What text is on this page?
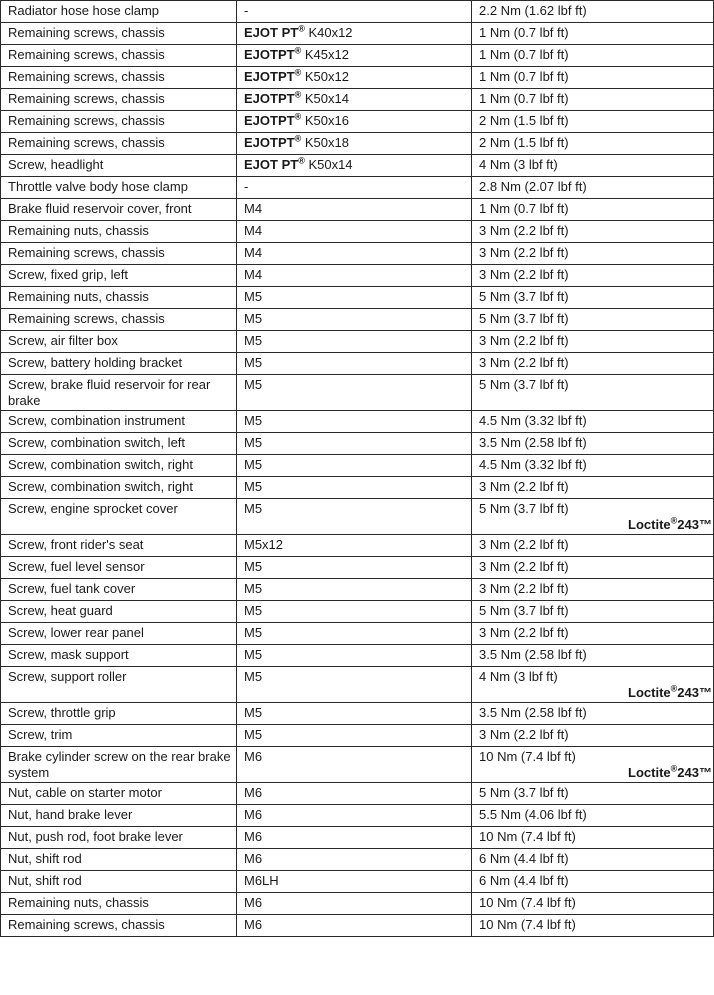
Radiator hose hose clamp	-	2.2 Nm (1.62 lbf ft)
Remaining screws, chassis	EJOT PT® K40x12	1 Nm (0.7 lbf ft)
Remaining screws, chassis	EJOTPT® K45x12	1 Nm (0.7 lbf ft)
Remaining screws, chassis	EJOTPT® K50x12	1 Nm (0.7 lbf ft)
Remaining screws, chassis	EJOTPT® K50x14	1 Nm (0.7 lbf ft)
Remaining screws, chassis	EJOTPT® K50x16	2 Nm (1.5 lbf ft)
Remaining screws, chassis	EJOTPT® K50x18	2 Nm (1.5 lbf ft)
Screw, headlight	EJOT PT® K50x14	4 Nm (3 lbf ft)
Throttle valve body hose clamp	-	2.8 Nm (2.07 lbf ft)
Brake fluid reservoir cover, front	M4	1 Nm (0.7 lbf ft)
Remaining nuts, chassis	M4	3 Nm (2.2 lbf ft)
Remaining screws, chassis	M4	3 Nm (2.2 lbf ft)
Screw, fixed grip, left	M4	3 Nm (2.2 lbf ft)
Remaining nuts, chassis	M5	5 Nm (3.7 lbf ft)
Remaining screws, chassis	M5	5 Nm (3.7 lbf ft)
Screw, air filter box	M5	3 Nm (2.2 lbf ft)
Screw, battery holding bracket	M5	3 Nm (2.2 lbf ft)
Screw, brake fluid reservoir for rear brake	M5	5 Nm (3.7 lbf ft)
Screw, combination instrument	M5	4.5 Nm (3.32 lbf ft)
Screw, combination switch, left	M5	3.5 Nm (2.58 lbf ft)
Screw, combination switch, right	M5	4.5 Nm (3.32 lbf ft)
Screw, combination switch, right	M5	3 Nm (2.2 lbf ft)
Screw, engine sprocket cover	M5	5 Nm (3.7 lbf ft)
Loctite®243™

Screw, front rider's seat	M5x12	3 Nm (2.2 lbf ft)
Screw, fuel level sensor	M5	3 Nm (2.2 lbf ft)
Screw, fuel tank cover	M5	3 Nm (2.2 lbf ft)
Screw, heat guard	M5	5 Nm (3.7 lbf ft)
Screw, lower rear panel	M5	3 Nm (2.2 lbf ft)
Screw, mask support	M5	3.5 Nm (2.58 lbf ft)
Screw, support roller	M5	4 Nm (3 lbf ft)
Loctite®243™

Screw, throttle grip	M5	3.5 Nm (2.58 lbf ft)
Screw, trim	M5	3 Nm (2.2 lbf ft)
Brake cylinder screw on the rear brake system	M6	10 Nm (7.4 lbf ft)
Loctite®243™

Nut, cable on starter motor	M6	5 Nm (3.7 lbf ft)
Nut, hand brake lever	M6	5.5 Nm (4.06 lbf ft)
Nut, push rod, foot brake lever	M6	10 Nm (7.4 lbf ft)
Nut, shift rod	M6	6 Nm (4.4 lbf ft)
Nut, shift rod	M6LH	6 Nm (4.4 lbf ft)
Remaining nuts, chassis	M6	10 Nm (7.4 lbf ft)
Remaining screws, chassis	M6	10 Nm (7.4 lbf ft)
